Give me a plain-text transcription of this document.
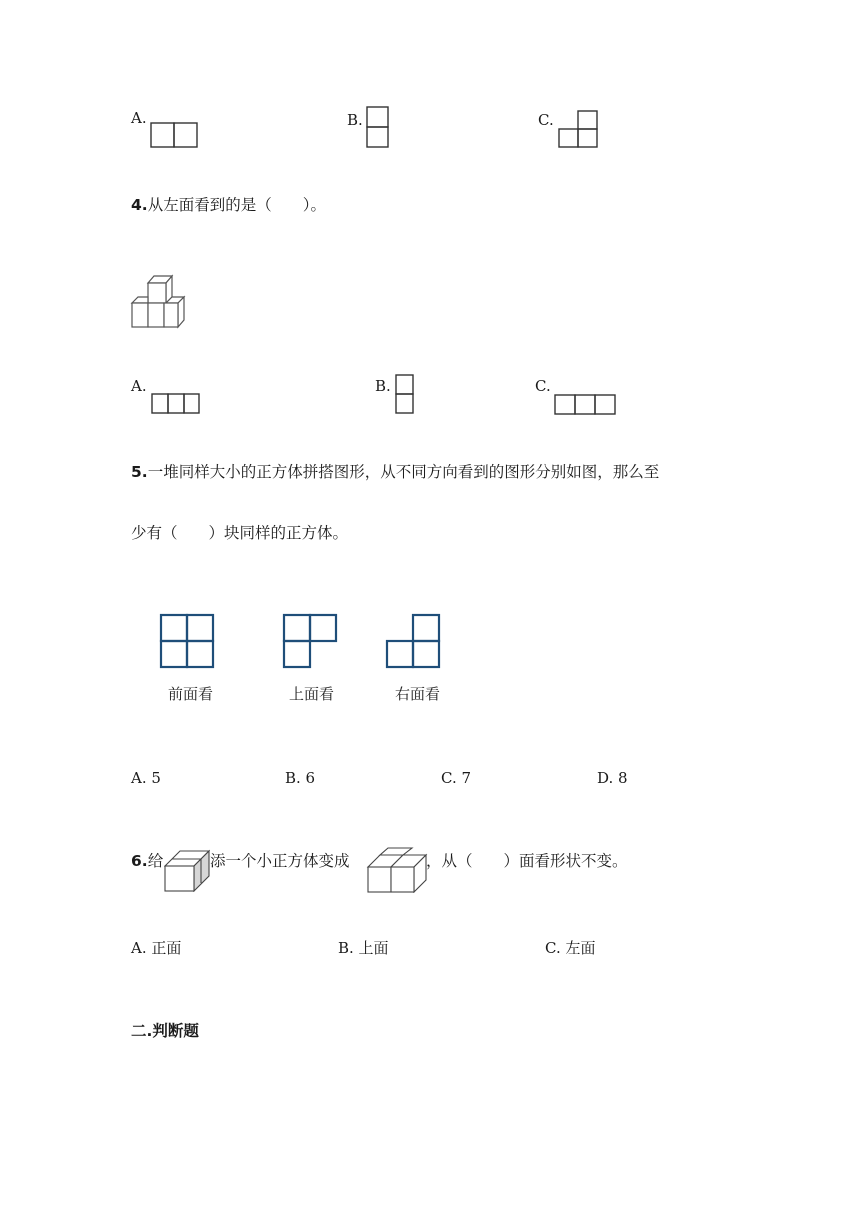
A.	B.	C.
4.从左面看到的是（　　）。
A.	B.	C.
5.一堆同样大小的正方体拼搭图形，从不同方向看到的图形分别如图，那么至
少有（　　）块同样的正方体。
前面看	上面看	右面看
A. 5	B. 6	C. 7	D. 8
6.给	添一个小正方体变成	，从（　　）面看形状不变。
A. 正面	B. 上面	C. 左面
二.判断题
